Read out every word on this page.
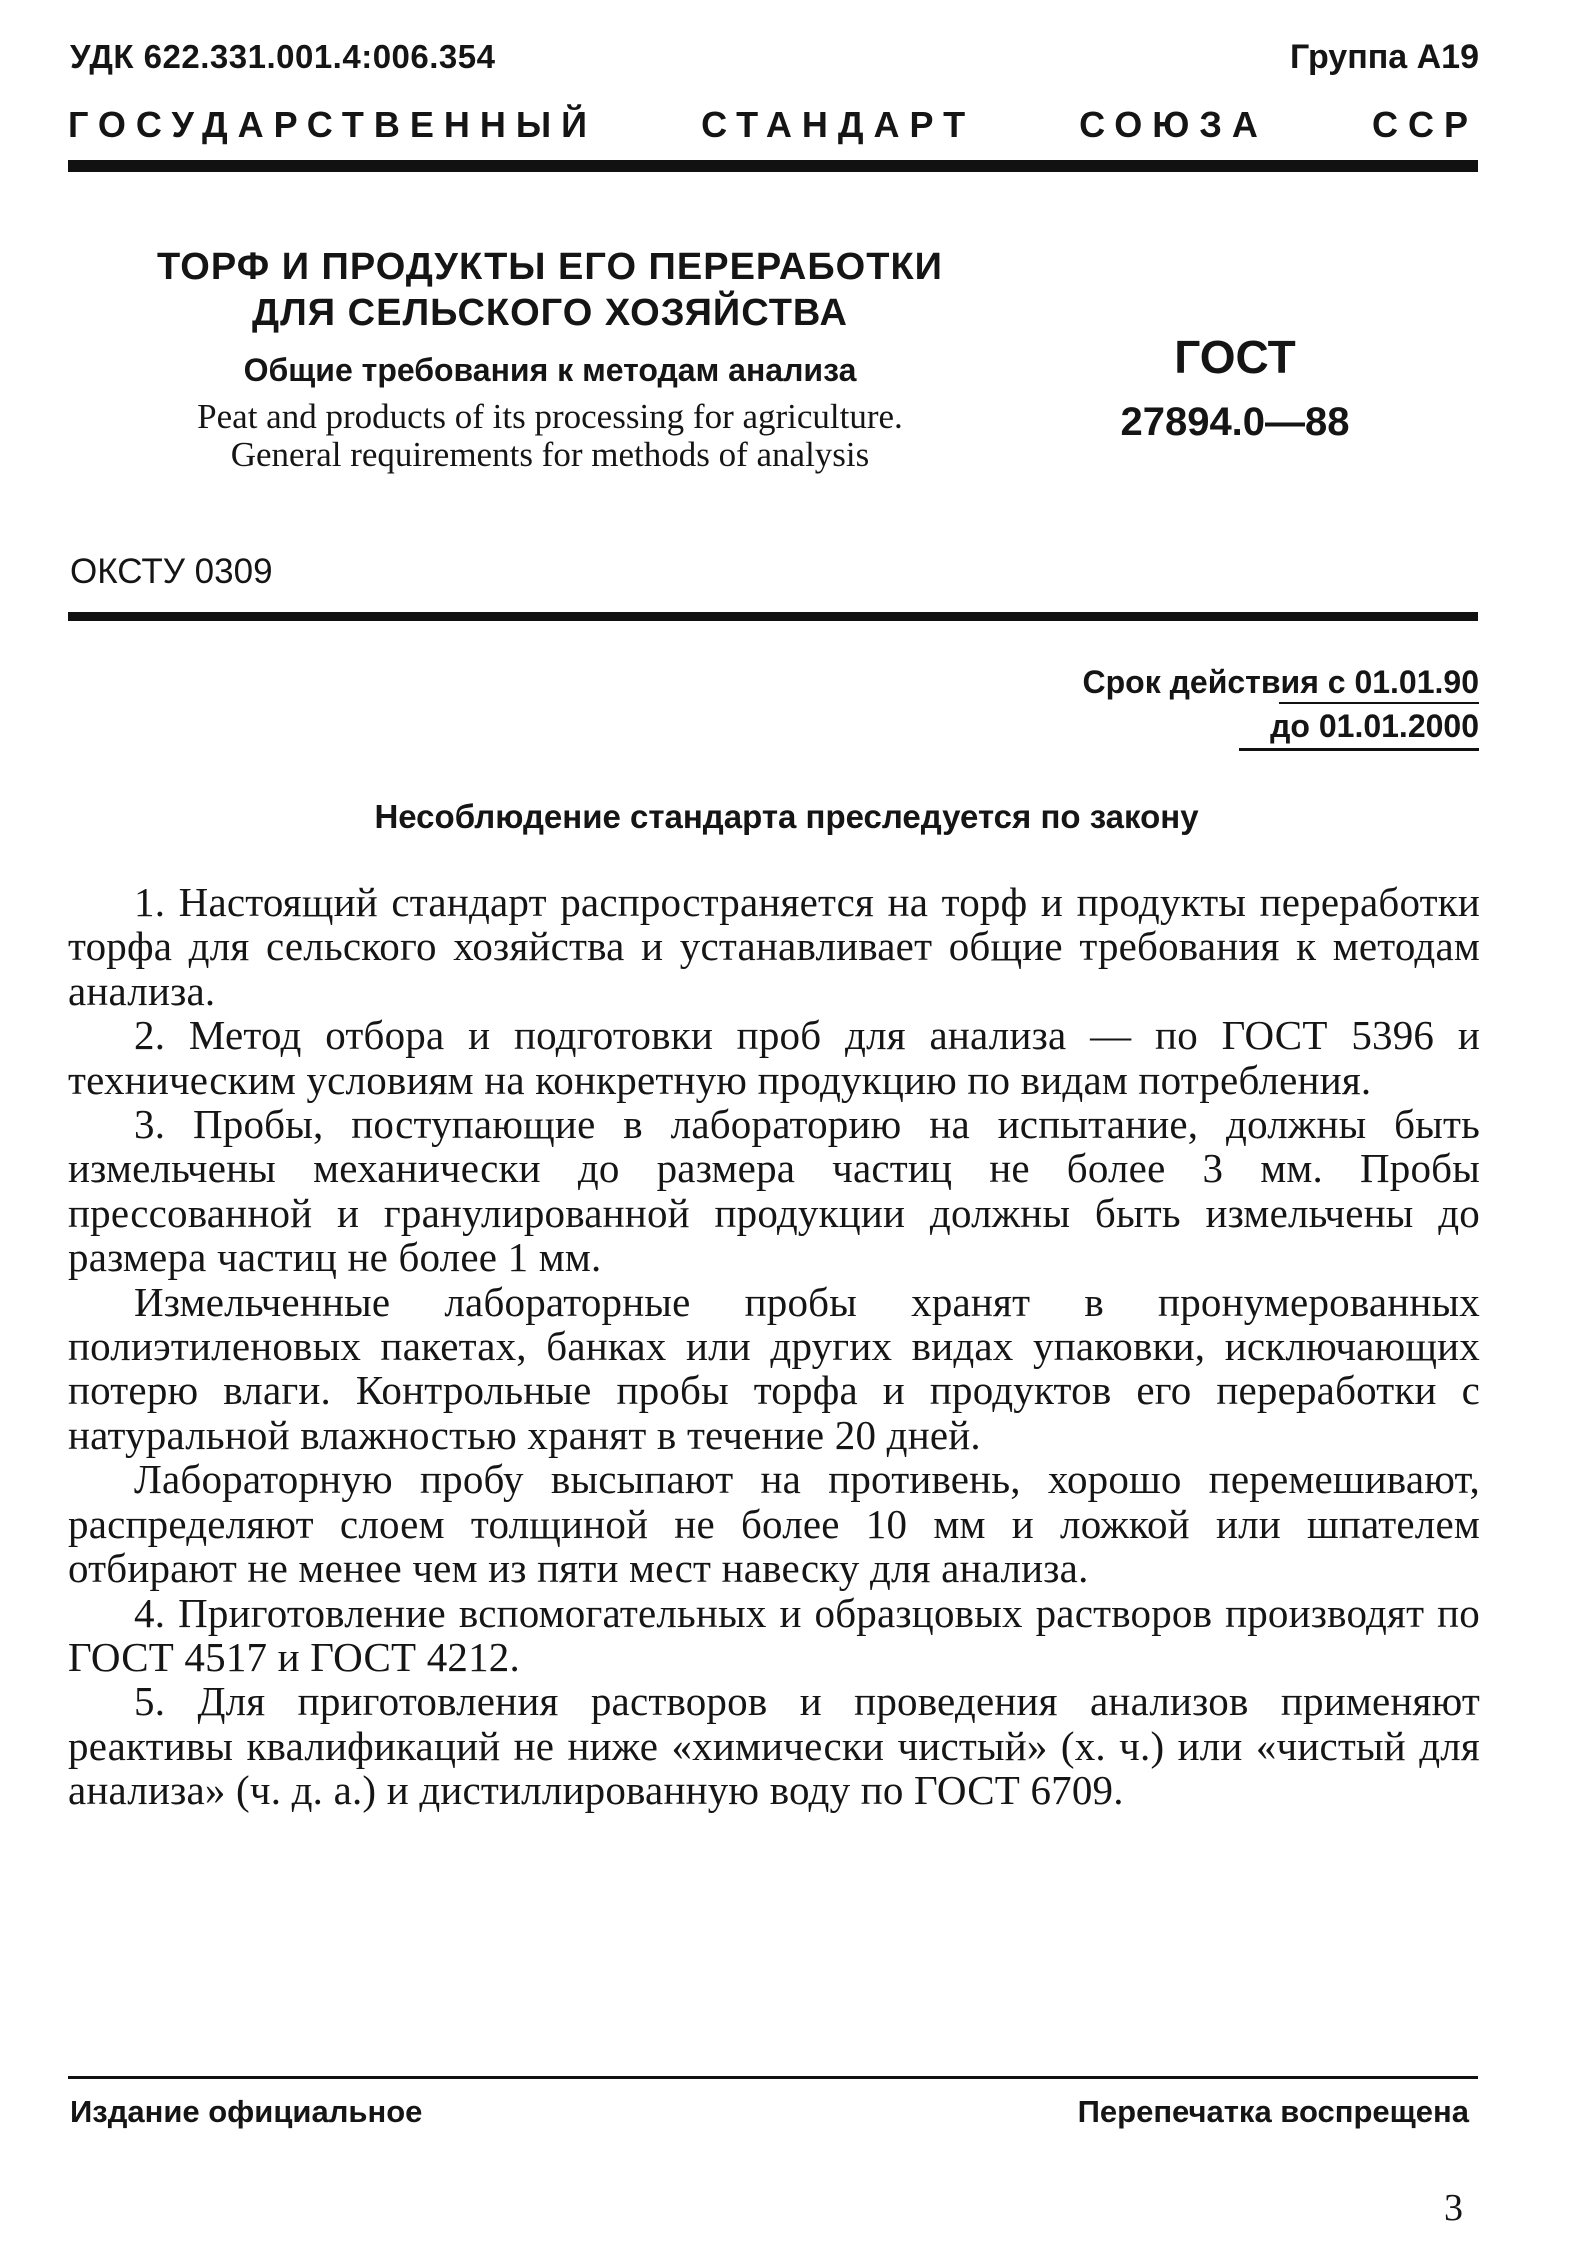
УДК 622.331.001.4:006.354	Группа А19
ГОСУДАРСТВЕННЫЙ СТАНДАРТ СОЮЗА ССР
ТОРФ И ПРОДУКТЫ ЕГО ПЕРЕРАБОТКИ
ДЛЯ СЕЛЬСКОГО ХОЗЯЙСТВА
Общие требования к методам анализа
Peat and products of its processing for agriculture.
General requirements for methods of analysis
ГОСТ
27894.0—88
ОКСТУ 0309
Срок действия с 01.01.90
до 01.01.2000
Несоблюдение стандарта преследуется по закону

1. Настоящий стандарт распространяется на торф и продукты переработки торфа для сельского хозяйства и устанавливает общие требования к методам анализа.

2. Метод отбора и подготовки проб для анализа — по ГОСТ 5396 и техническим условиям на конкретную продукцию по видам потребления.

3. Пробы, поступающие в лабораторию на испытание, должны быть измельчены механически до размера частиц не более 3 мм. Пробы прессованной и гранулированной продукции должны быть измельчены до размера частиц не более 1 мм.

Измельченные лабораторные пробы хранят в пронумерованных полиэтиленовых пакетах, банках или других видах упаковки, исключающих потерю влаги. Контрольные пробы торфа и продуктов его переработки с натуральной влажностью хранят в течение 20 дней.

Лабораторную пробу высыпают на противень, хорошо перемешивают, распределяют слоем толщиной не более 10 мм и ложкой или шпателем отбирают не менее чем из пяти мест навеску для анализа.

4. Приготовление вспомогательных и образцовых растворов производят по ГОСТ 4517 и ГОСТ 4212.

5. Для приготовления растворов и проведения анализов применяют реактивы квалификаций не ниже «химически чистый» (х. ч.) или «чистый для анализа» (ч. д. а.) и дистиллированную воду по ГОСТ 6709.

Издание официальное	Перепечатка воспрещена
3
